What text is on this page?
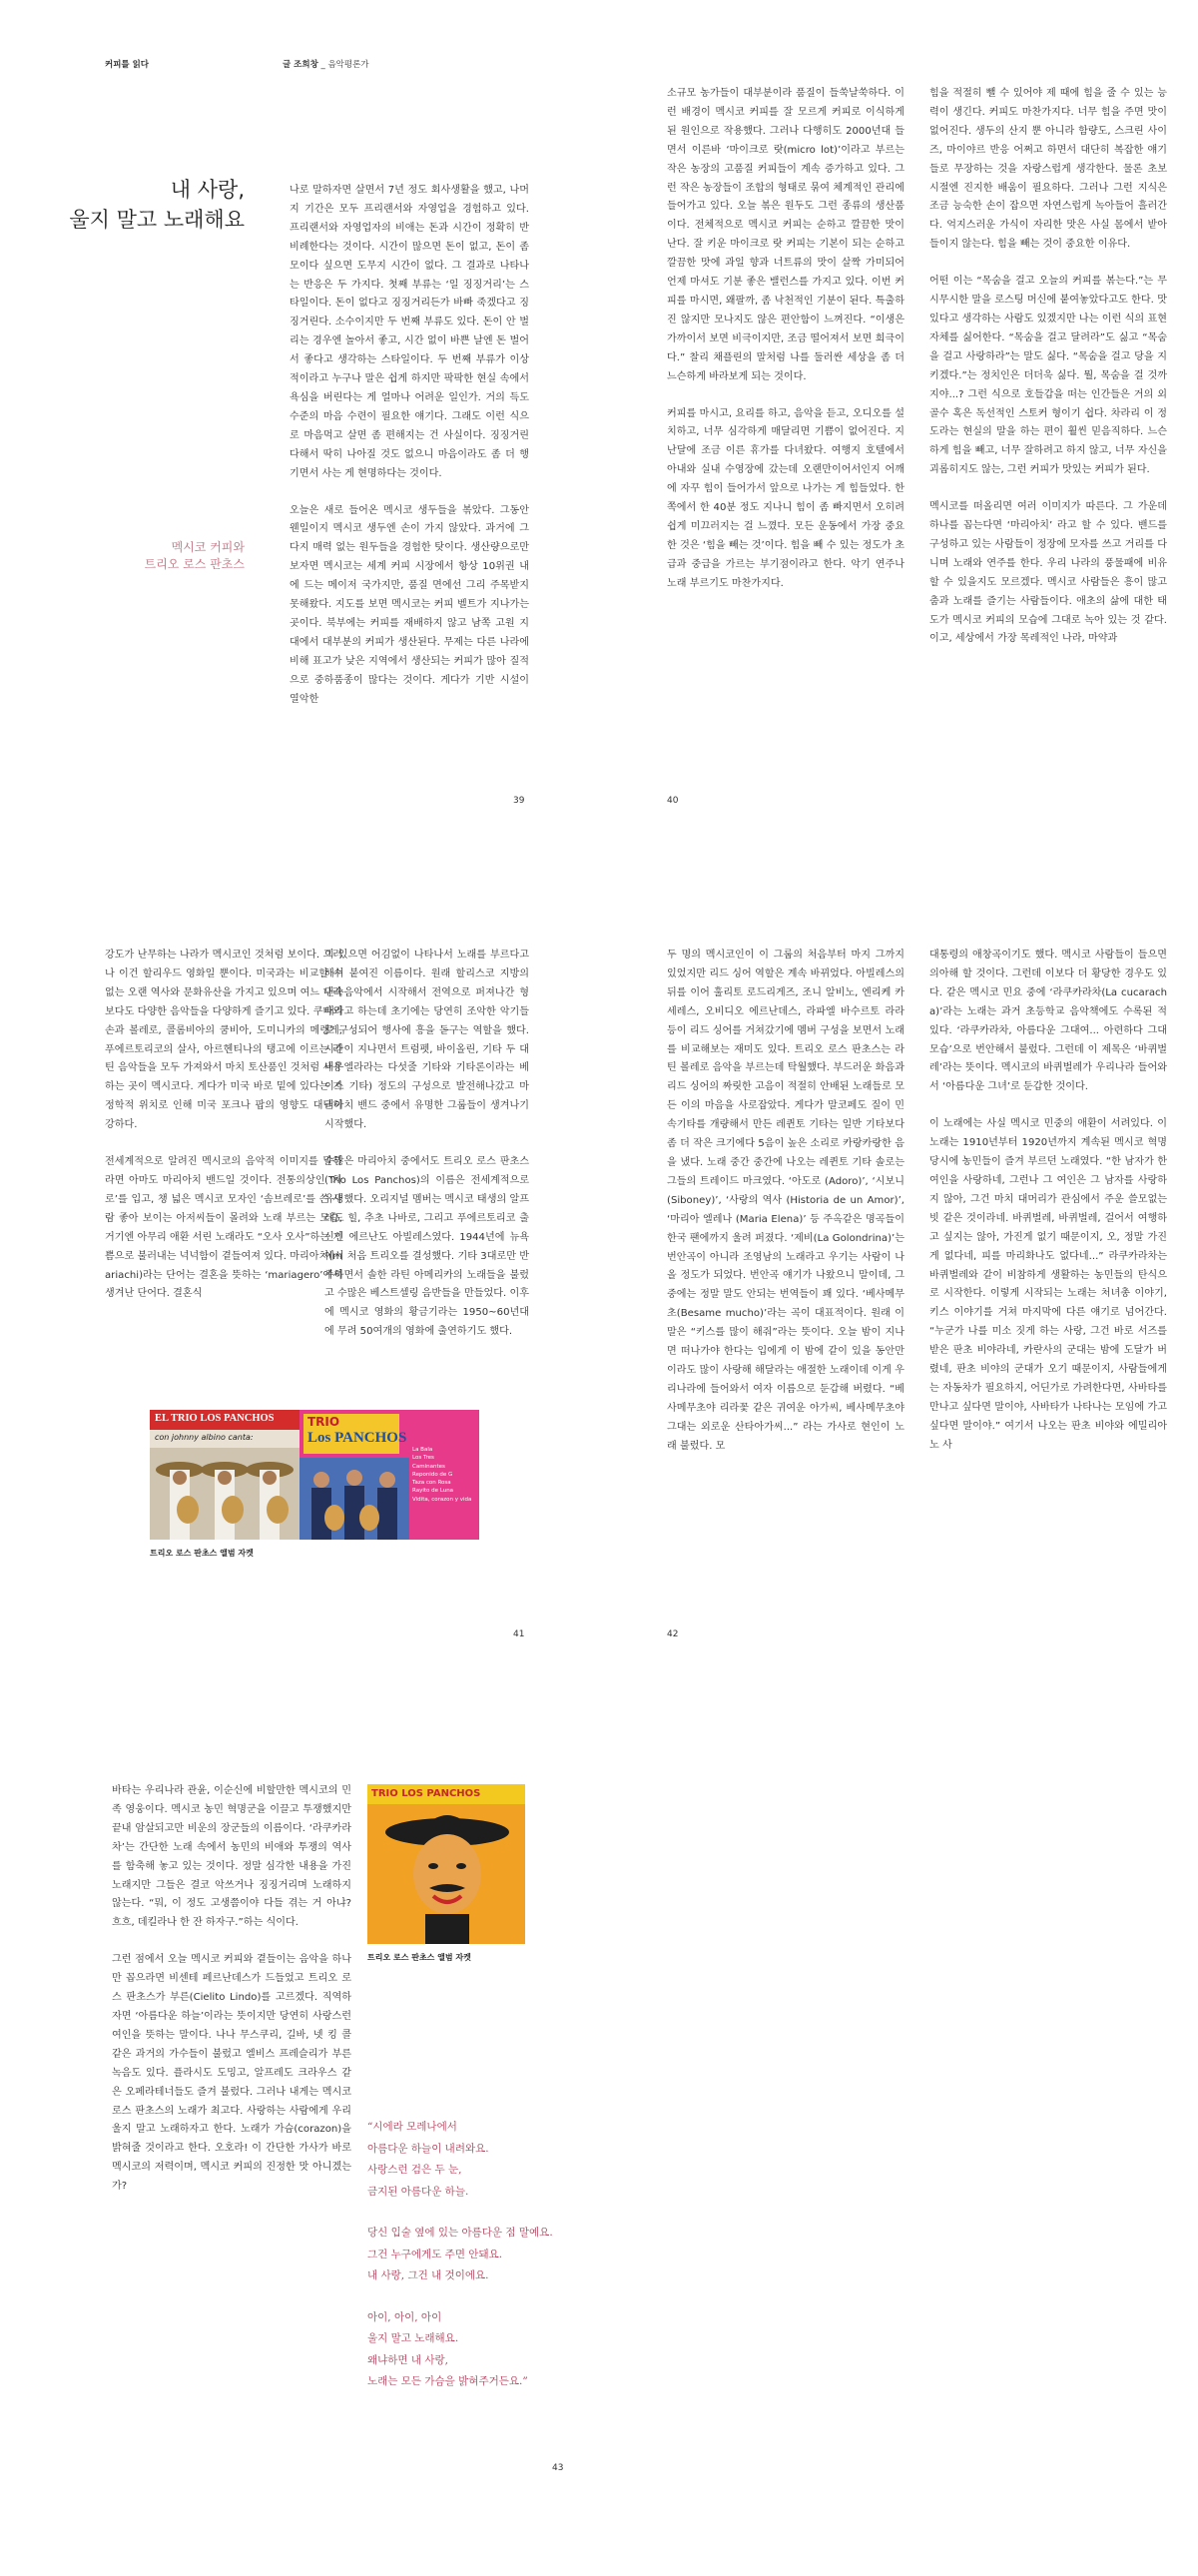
커피를 읽다	글 조희창 _ 음악평론가
내 사랑,
울지 말고 노래해요
멕시코 커피와
트리오 로스 판초스

나로 말하자면 살면서 7년 정도 회사생활을 했고, 나머지 기간은 모두 프리랜서와 자영업을 경험하고 있다. 프리랜서와 자영업자의 비애는 돈과 시간이 정확히 반비례한다는 것이다. 시간이 많으면 돈이 없고, 돈이 좀 모이다 싶으면 도무지 시간이 없다. 그 결과로 나타나는 반응은 두 가지다. 첫째 부류는 ‘일 징징거리’는 스타일이다. 돈이 없다고 징징거리든가 바빠 죽겠다고 징징거린다. 소수이지만 두 번째 부류도 있다. 돈이 안 벌리는 경우엔 놀아서 좋고, 시간 없이 바쁜 날엔 돈 벌어서 좋다고 생각하는 스타일이다. 두 번째 부류가 이상적이라고 누구나 말은 쉽게 하지만 팍팍한 현실 속에서 욕심을 버린다는 게 얼마나 어려운 일인가. 거의 득도 수준의 마음 수련이 필요한 얘기다. 그래도 이런 식으로 마음먹고 살면 좀 편해지는 건 사실이다. 징징거린다해서 딱히 나아질 것도 없으니 마음이라도 좀 더 행기면서 사는 게 현명하다는 것이다.

오늘은 새로 들어온 멕시코 생두들을 볶았다. 그동안 웬일이지 멕시코 생두엔 손이 가지 않았다. 과거에 그다지 매력 없는 원두들을 경험한 탓이다. 생산량으로만 보자면 멕시코는 세계 커피 시장에서 항상 10위권 내에 드는 메이저 국가지만, 품질 면에선 그리 주목받지 못해왔다. 지도를 보면 멕시코는 커피 벨트가 지나가는 곳이다. 북부에는 커피를 재배하지 않고 남쪽 고원 지대에서 대부분의 커피가 생산된다. 무제는 다른 나라에 비해 표고가 낮은 지역에서 생산되는 커피가 많아 질적으로 중하품종이 많다는 것이다. 게다가 기반 시설이 열악한

39

소규모 농가들이 대부분이라 품질이 들쑥날쑥하다. 이런 배경이 멕시코 커피를 잘 모르게 커피로 이식하게 된 원인으로 작용했다. 그러나 다행히도 2000년대 들면서 이른바 ‘마이크로 랏(micro lot)’이라고 부르는 작은 농장의 고품질 커피들이 계속 증가하고 있다. 그런 작은 농장들이 조합의 형태로 묶여 체계적인 관리에 들어가고 있다. 오늘 볶은 원두도 그런 종류의 생산품이다. 전체적으로 멕시코 커피는 순하고 깔끔한 맛이 난다. 잘 키운 마이크로 랏 커피는 기본이 되는 순하고 깔끔한 맛에 과일 향과 너트류의 맛이 살짝 가미되어 언제 마셔도 기분 좋은 밸런스를 가지고 있다. 이번 커피를 마시면, 왜팔까, 좀 낙천적인 기분이 된다. 특출하진 않지만 모나지도 않은 편안함이 느껴진다. “이생은 가까이서 보면 비극이지만, 조금 떨어져서 보면 희극이다.” 찰리 채플린의 말처럼 나를 둘러싼 세상을 좀 더 느슨하게 바라보게 되는 것이다.

커피를 마시고, 요리를 하고, 음악을 듣고, 오디오를 설치하고, 너무 심각하게 매달리면 기쁨이 없어진다. 지난달에 조금 이른 휴가를 다녀왔다. 여행지 호텔에서 아내와 실내 수영장에 갔는데 오랜만이어서인지 어깨에 자꾸 힘이 들어가서 앞으로 나가는 게 힘들었다. 한쪽에서 한 40분 정도 지나니 힘이 좀 빠지면서 오히려 쉽게 미끄러지는 걸 느꼈다. 모든 운동에서 가장 중요한 것은 ‘힘을 빼는 것’이다. 힘을 빼 수 있는 정도가 초급과 중급을 가르는 부기점이라고 한다. 악기 연주나 노래 부르기도 마찬가지다.

힘을 적절히 뺄 수 있어야 제 때에 힘을 줄 수 있는 능력이 생긴다. 커피도 마찬가지다. 너무 힘을 주면 맛이 없어진다. 생두의 산지 뿐 아니라 함량도, 스크린 사이즈, 마이야르 반응 어쩌고 하면서 대단히 복잡한 얘기들로 무장하는 것을 자랑스럽게 생각한다. 물론 초보 시절엔 진지한 배움이 필요하다. 그러나 그런 지식은 조금 능숙한 손이 잡으면 자연스럽게 녹아들어 흘러간다. 억지스러운 가식이 자리한 맛은 사실 몸에서 받아들이지 않는다. 힘을 빼는 것이 중요한 이유다.

어떤 이는 “목숨을 걸고 오늘의 커피를 볶는다.”는 무시무시한 말을 로스팅 머신에 붙여놓았다고도 한다. 맛있다고 생각하는 사람도 있겠지만 나는 이런 식의 표현 자체를 싫어한다. “목숨을 걸고 달려라”도 싫고 “목숨을 걸고 사랑하라”는 말도 싫다. “목숨을 걸고 당을 지키겠다.”는 정치인은 더더욱 싫다. 뭘, 목숨을 걸 것까지야...? 그런 식으로 호들갑을 떠는 인간들은 거의 외골수 혹은 독선적인 스토커 형이기 쉽다. 차라리 이 정도라는 현실의 말을 하는 편이 훨씬 믿음직하다. 느슨하게 힘을 빼고, 너무 잘하려고 하지 않고, 너무 자신을 괴롭히지도 않는, 그런 커피가 맛있는 커피가 된다.

멕시코를 떠올리면 여러 이미지가 따른다. 그 가운데 하나를 꼽는다면 ‘마리아치’ 라고 할 수 있다. 밴드를 구성하고 있는 사람들이 정장에 모자를 쓰고 거리를 다니며 노래와 연주를 한다. 우리 나라의 풍물패에 비유할 수 있을지도 모르겠다. 멕시코 사람들은 흥이 많고 춤과 노래를 즐기는 사람들이다. 애초의 삶에 대한 태도가 멕시코 커피의 모습에 그대로 녹아 있는 것 같다. 이고, 세상에서 가장 목레적인 나라, 마약과

40

강도가 난무하는 나라가 멕시코인 것처럼 보이다. 그러나 이건 할리우드 영화일 뿐이다. 미국과는 비교할 수 없는 오랜 역사와 문화유산을 가지고 있으며 여느 나라보다도 다양한 음악들을 다양하게 즐기고 있다. 쿠바의 손과 볼레로, 콜롬비아의 쿰비아, 도미니카의 메렝게, 푸에르토리코의 살사, 아르헨티나의 탱고에 이르는 라틴 음악들을 모두 가져와서 마치 토산품인 것처럼 사용하는 곳이 멕시코다. 게다가 미국 바로 밑에 있다는 지정학적 위치로 인해 미국 포크나 팝의 영향도 대단히 강하다.

전세계적으로 알려진 멕시코의 음악적 이미지를 말하라면 아마도 마리아치 밴드일 것이다. 전통의상인 ‘차로’를 입고, 챙 넓은 멕시코 모자인 ‘솜브레로’를 쓴 사람 좋아 보이는 아저씨들이 몰려와 노래 부르는 모습, 거기엔 아무리 애환 서린 노래라도 “오사 오사”하는 기쁨으로 불러내는 넉넉함이 곁들여져 있다. 마리아치(mariachi)라는 단어는 결혼을 뜻하는 ‘mariagero’에서 생겨난 단어다. 결혼식

이 있으면 어김없이 나타나서 노래를 부르다고 해서 붙여진 이름이다. 원래 할리스코 지방의 민속음악에서 시작해서 전역으로 퍼져나간 형태라고 하는데 초기에는 당연히 조악한 악기들로 구성되어 행사에 흥을 돋구는 역할을 했다. 시간이 지나면서 트럼펫, 바이올린, 기타 두 대비우엘라라는 다섯줄 기타와 기타론이라는 베이스 기타) 정도의 구성으로 발전해나갔고 마리아치 밴드 중에서 유명한 그룹들이 생겨나기 시작했다.

수많은 마리아치 중에서도 트리오 로스 판초스(Trio Los Panchos)의 이름은 전세계적으로 유명했다. 오리지널 멤버는 멕시코 태생의 알프레도 힐, 추초 나바로, 그리고 푸에르토리코 출신인 에르난도 아빌레스였다. 1944년에 뉴욕에서 처음 트리오를 결성했다. 기타 3대로만 반주하면서 솔한 라틴 아메리카의 노래들을 불렀고 수많은 베스트셀링 음반들을 만들었다. 이후에 멕시코 영화의 황금기라는 1950~60년대에 무려 50여개의 영화에 출연하기도 했다.

EL TRIO LOS PANCHOS
con johnny albino canta:
TRIO
Los PANCHOS
La Bala
Los Tres
Caminantes
Reponido de G
Taza con Rosa
Rayito de Luna
Vidita, corazon y vida
트리오 로스 판초스 앨범 자켓
41

두 명의 멕시코인이 이 그룹의 처음부터 마지 그까지 있었지만 리드 싱어 역할은 계속 바뀌었다. 아빌레스의 뒤를 이어 훌리토 로드리게즈, 조니 알비노, 엔리케 카세레스, 오비디오 에르난데스, 라파엘 바수르토 라라 등이 리드 싱어를 거쳐갔기에 멤버 구성을 보면서 노래를 비교해보는 재미도 있다. 트리오 로스 판초스는 라틴 볼레로 음악을 부르는데 탁월했다. 부드러운 화음과 리드 싱어의 짜릿한 고음이 적절히 안배된 노래들로 모든 이의 마음을 사로잡았다. 게다가 말코페도 질이 민속기타를 개량해서 만든 레퀸토 기타는 일반 기타보다 좀 더 작은 크기에다 5음이 높은 소리로 카랑카랑한 음을 냈다. 노래 중간 중간에 나오는 레퀸토 기타 솔로는 그들의 트레이드 마크였다. ‘아도로 (Adoro)’, ‘시보니(Siboney)’, ‘사랑의 역사 (Historia de un Amor)’, ‘마리아 엘레나 (Maria Elena)’ 등 주옥같은 명곡들이 한국 팬에까지 울려 퍼졌다. ‘제비(La Golondrina)’는 번안곡이 아니라 조영남의 노래라고 우기는 사람이 나올 정도가 되었다. 번안곡 얘기가 나왔으니 말이데, 그 중에는 정말 말도 안되는 번역들이 꽤 있다. ‘베사메무초(Besame mucho)’라는 곡이 대표적이다. 원래 이 말은 “키스를 많이 해줘”라는 뜻이다. 오늘 밤이 지나면 떠나가야 한다는 입에게 이 밤에 같이 있을 동안만이라도 많이 사랑해 해달라는 애절한 노래이데 이게 우리나라에 들어와서 여자 이름으로 둔갑해 버렸다. “베사메무초야 리라꽃 같은 귀여운 아가씨, 베사메무초야 그대는 외로운 산타아가씨...” 라는 가사로 현인이 노래 불렀다. 모

대통령의 애창곡이기도 했다. 멕시코 사람들이 들으면 의아해 할 것이다. 그런데 이보다 더 황당한 경우도 있다. 같은 멕시코 민요 중에 ‘라쿠카라차(La cucaracha)’라는 노래는 과거 초등학교 음악책에도 수록된 적 있다. ‘라쿠카라차, 아름다운 그대여... 아련하다 그대 모습’으로 번안해서 불렀다. 그런데 이 제목은 ‘바퀴벌레’라는 뜻이다. 멕시코의 바퀴벌레가 우리나라 들어와서 ‘아름다운 그녀’로 둔갑한 것이다.

이 노래에는 사실 멕시코 민중의 애환이 서려있다. 이 노래는 1910년부터 1920년까지 계속된 멕시코 혁명 당시에 농민들이 즐겨 부르던 노래였다. “한 남자가 한 여인을 사랑하네, 그런나 그 여인은 그 남자를 사랑하지 않아, 그건 마치 대머리가 관심에서 주운 쓸모없는 빗 같은 것이라네. 바퀴벌레, 바퀴벌레, 걸어서 여행하고 싶지는 않아, 가진게 없기 때문이지, 오, 정말 가진 게 없다네, 피를 마리화나도 없다네...” 라쿠카라차는 바퀴벌레와 같이 비참하게 생활하는 농민들의 탄식으로 시작한다. 이렇게 시작되는 노래는 처녀총 이야기, 키스 이야기를 거쳐 마지막에 다른 얘기로 넘어간다. “누군가 나를 미소 짓게 하는 사랑, 그건 바로 서즈를 받은 판초 비야라네, 카란사의 군대는 밤에 도달가 버렸네, 판초 비야의 군대가 오기 때문이지, 사람들에게는 자동차가 필요하지, 어딘가로 가려한다면, 사바타를 만나고 싶다면 말이야, 사바타가 나타나는 모임에 가고 싶다면 말이야.” 여기서 나오는 판초 비야와 에밀리아노 사

42

바타는 우리나라 관윤, 이순신에 비할만한 멕시코의 민족 영웅이다. 멕시코 농민 혁명군을 이끌고 투쟁했지만 끝내 암살되고만 비운의 장군들의 이름이다. ‘라쿠카라차’는 간단한 노래 속에서 농민의 비애와 투쟁의 역사를 함축해 놓고 있는 것이다. 정말 심각한 내용을 가진 노래지만 그들은 결코 악쓰거나 징징거리며 노래하지 않는다. “뭐, 이 정도 고생쯤이야 다들 겪는 거 아냐? 흐흐, 데킬라나 한 잔 하자구.”하는 식이다.

그런 점에서 오늘 멕시코 커피와 곁들이는 음악을 하나만 꼽으라면 비센테 페르난데스가 드들었고 트리오 로스 판초스가 부른(Cielito Lindo)를 고르겠다. 직역하자면 ‘아름다운 하늘’이라는 뜻이지만 당연히 사랑스런 여인을 뜻하는 말이다. 나나 무스쿠리, 길바, 넷 킹 콜 같은 과거의 가수들이 불렀고 엘비스 프레슬리가 부른 녹음도 있다. 플라시도 도밍고, 알프레도 크라우스 같은 오페라테너들도 즐겨 불렀다. 그러나 내게는 멕시코 로스 판초스의 노래가 최고다. 사랑하는 사람에게 우리 울지 말고 노래하자고 한다. 노래가 가슴(corazon)을 밝혀줄 것이라고 한다. 오호라! 이 간단한 가사가 바로 멕시코의 저력이며, 멕시코 커피의 진정한 맛 아니겠는가?

TRIO LOS PANCHOS
트리오 로스 판초스 앨범 자켓

“시에라 모레나에서
아름다운 하늘이 내려와요.
사랑스런 검은 두 눈,
금지된 아름다운 하늘.

당신 입술 옆에 있는 아름다운 점 말예요.
그건 누구에게도 주면 안돼요.
내 사랑, 그건 내 것이에요.

아이, 아이, 아이
울지 말고 노래해요.
왜냐하면 내 사랑,
노래는 모든 가슴을 밝혀주거든요.”

43
